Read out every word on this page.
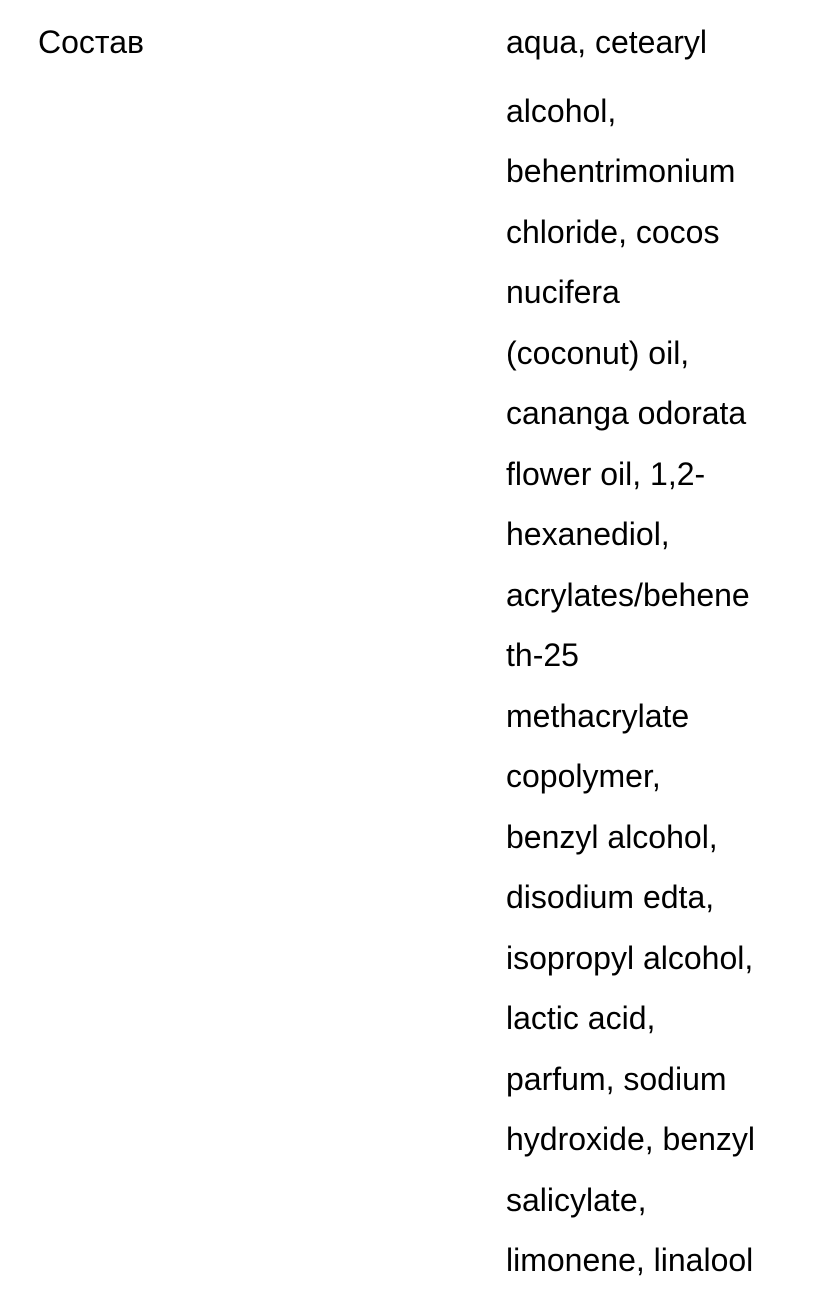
Состав	aqua, cetearyl
alcohol,
behentrimonium
chloride, cocos
nucifera
(coconut) oil,
cananga odorata
flower oil, 1,2-
hexanediol,
acrylates/behene
th-25
methacrylate
copolymer,
benzyl alcohol,
disodium edta,
isopropyl alcohol,
lactic acid,
parfum, sodium
hydroxide, benzyl
salicylate,
limonene, linalool
